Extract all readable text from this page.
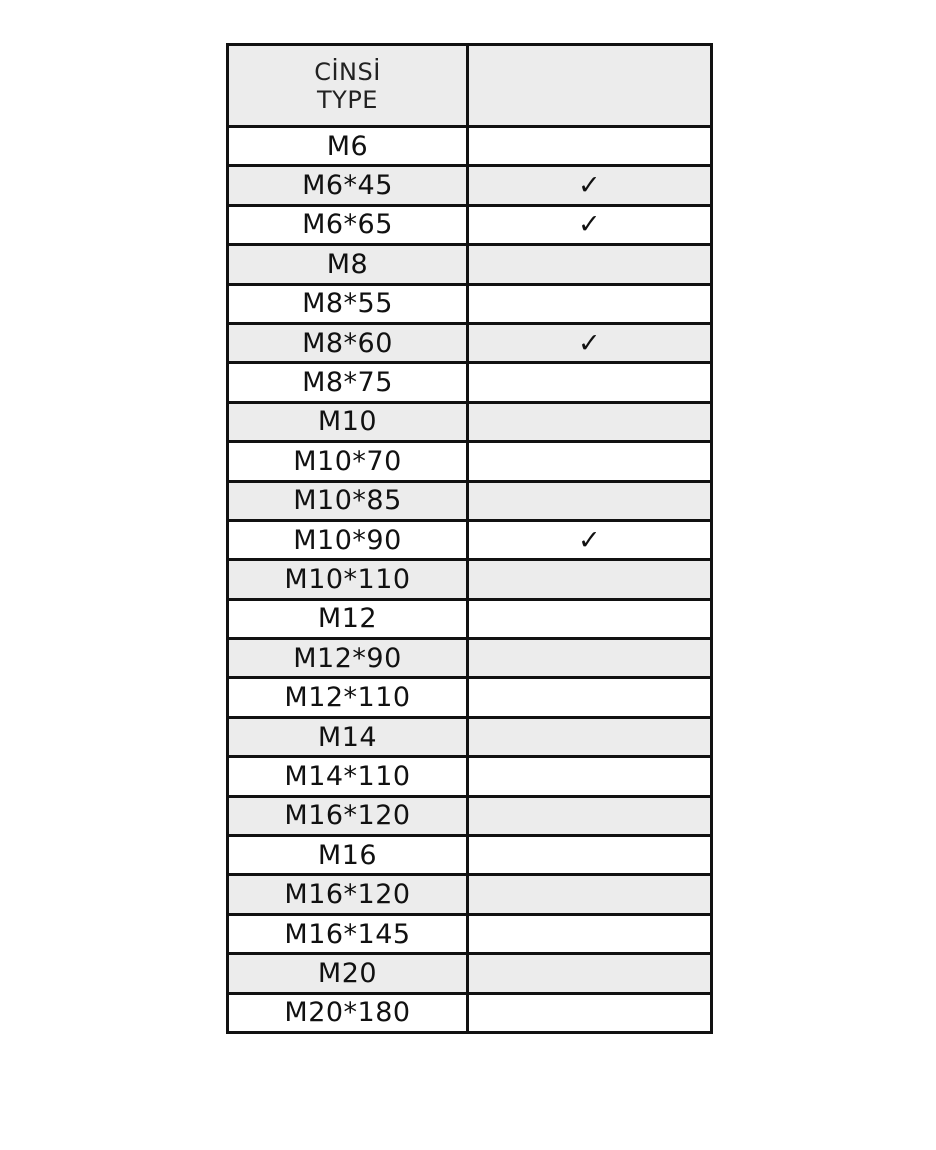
CİNSİ
TYPE	

M6	
M6*45	✓
M6*65	✓
M8	
M8*55	
M8*60	✓
M8*75	
M10	
M10*70	
M10*85	
M10*90	✓
M10*110	
M12	
M12*90	
M12*110	
M14	
M14*110	
M16*120	
M16	
M16*120	
M16*145	
M20	
M20*180	
